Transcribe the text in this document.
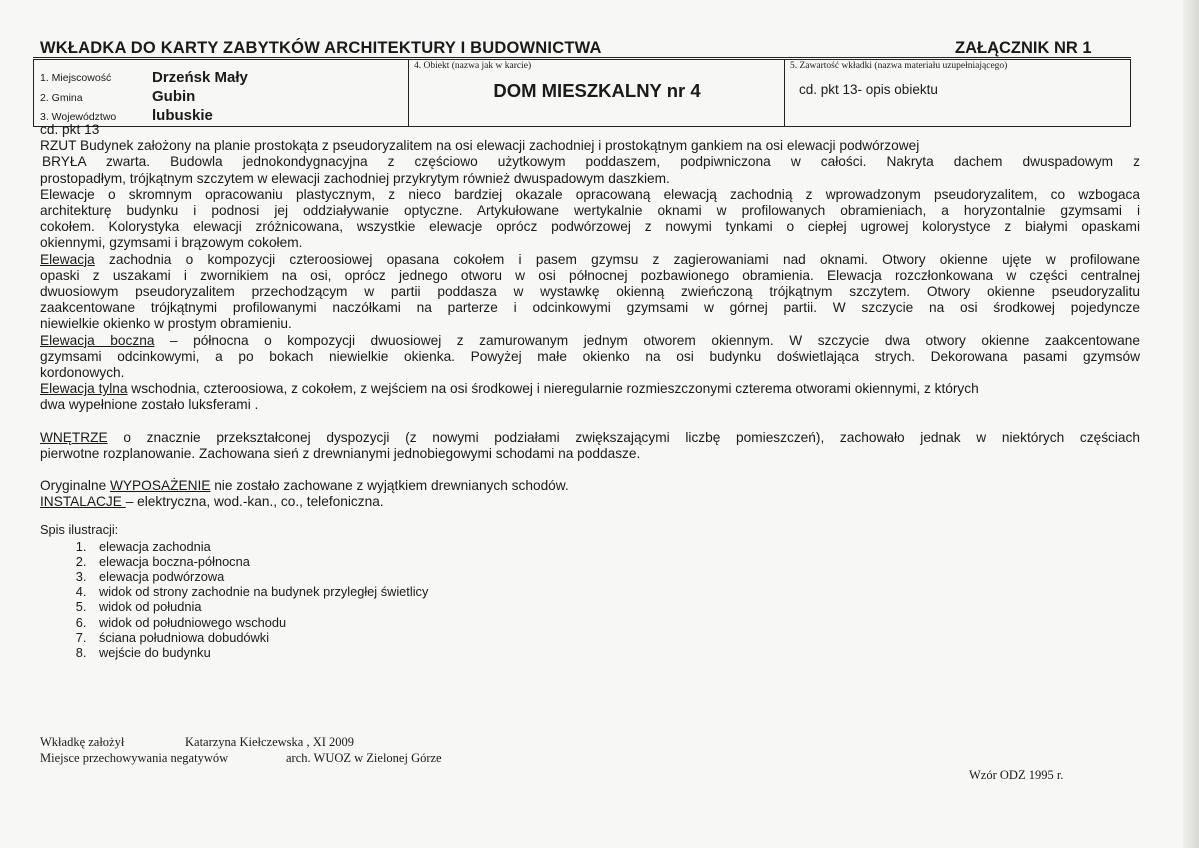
WKŁADKA DO KARTY ZABYTKÓW ARCHITEKTURY I BUDOWNICTWA	ZAŁĄCZNIK NR 1
1. Miejscowość	Drzeńsk Mały
2. Gmina	Gubin
3. Województwo lubuskie
4. Obiekt (nazwa jak w karcie)
DOM MIESZKALNY nr 4
5. Zawartość wkładki (nazwa materiału uzupełniającego)
cd. pkt 13- opis obiektu

cd. pkt 13

RZUT Budynek założony na planie prostokąta z pseudoryzalitem na osi elewacji zachodniej i prostokątnym gankiem na osi elewacji podwórzowej

BRYŁA zwarta. Budowla jednokondygnacyjna z częściowo użytkowym poddaszem, podpiwniczona w całości. Nakryta dachem dwuspadowym z

prostopadłym, trójkątnym szczytem w elewacji zachodniej przykrytym również dwuspadowym daszkiem.

Elewacje o skromnym opracowaniu plastycznym, z nieco bardziej okazale opracowaną elewacją zachodnią z wprowadzonym pseudoryzalitem, co wzbogaca

architekturę budynku i podnosi jej oddziaływanie optyczne. Artykułowane wertykalnie oknami w profilowanych obramieniach, a horyzontalnie gzymsami i

cokołem. Kolorystyka elewacji zróżnicowana, wszystkie elewacje oprócz podwórzowej z nowymi tynkami o ciepłej ugrowej kolorystyce z białymi opaskami

okiennymi, gzymsami i brązowym cokołem.

Elewacja zachodnia o kompozycji czteroosiowej opasana cokołem i pasem gzymsu z zagierowaniami nad oknami. Otwory okienne ujęte w profilowane

opaski z uszakami i zwornikiem na osi, oprócz jednego otworu w osi północnej pozbawionego obramienia. Elewacja rozczłonkowana w części centralnej

dwuosiowym pseudoryzalitem przechodzącym w partii poddasza w wystawkę okienną zwieńczoną trójkątnym szczytem. Otwory okienne pseudoryzalitu

zaakcentowane trójkątnymi profilowanymi naczółkami na parterze i odcinkowymi gzymsami w górnej partii. W szczycie na osi środkowej pojedyncze

niewielkie okienko w prostym obramieniu.

Elewacja boczna – północna o kompozycji dwuosiowej z zamurowanym jednym otworem okiennym. W szczycie dwa otwory okienne zaakcentowane

gzymsami odcinkowymi, a po bokach niewielkie okienka. Powyżej małe okienko na osi budynku doświetlająca strych. Dekorowana pasami gzymsów

kordonowych.

Elewacja tylna wschodnia, czteroosiowa, z cokołem, z wejściem na osi środkowej i nieregularnie rozmieszczonymi czterema otworami okiennymi, z których

dwa wypełnione zostało luksferami .

WNĘTRZE o znacznie przekształconej dyspozycji (z nowymi podziałami zwiększającymi liczbę pomieszczeń), zachowało jednak w niektórych częściach

pierwotne rozplanowanie. Zachowana sień z drewnianymi jednobiegowymi schodami na poddasze.

Oryginalne WYPOSAŻENIE nie zostało zachowane z wyjątkiem drewnianych schodów.

INSTALACJE – elektryczna, wod.-kan., co., telefoniczna.

Spis ilustracji:

1. elewacja zachodnia
2. elewacja boczna-północna
3. elewacja podwórzowa
4. widok od strony zachodnie na budynek przyległej świetlicy
5. widok od południa
6. widok od południowego wschodu
7. ściana południowa dobudówki
8. wejście do budynku
Wkładkę założył	Katarzyna Kiełczewska , XI 2009
Miejsce przechowywania negatywów	arch. WUOZ w Zielonej Górze
Wzór ODZ 1995 r.
